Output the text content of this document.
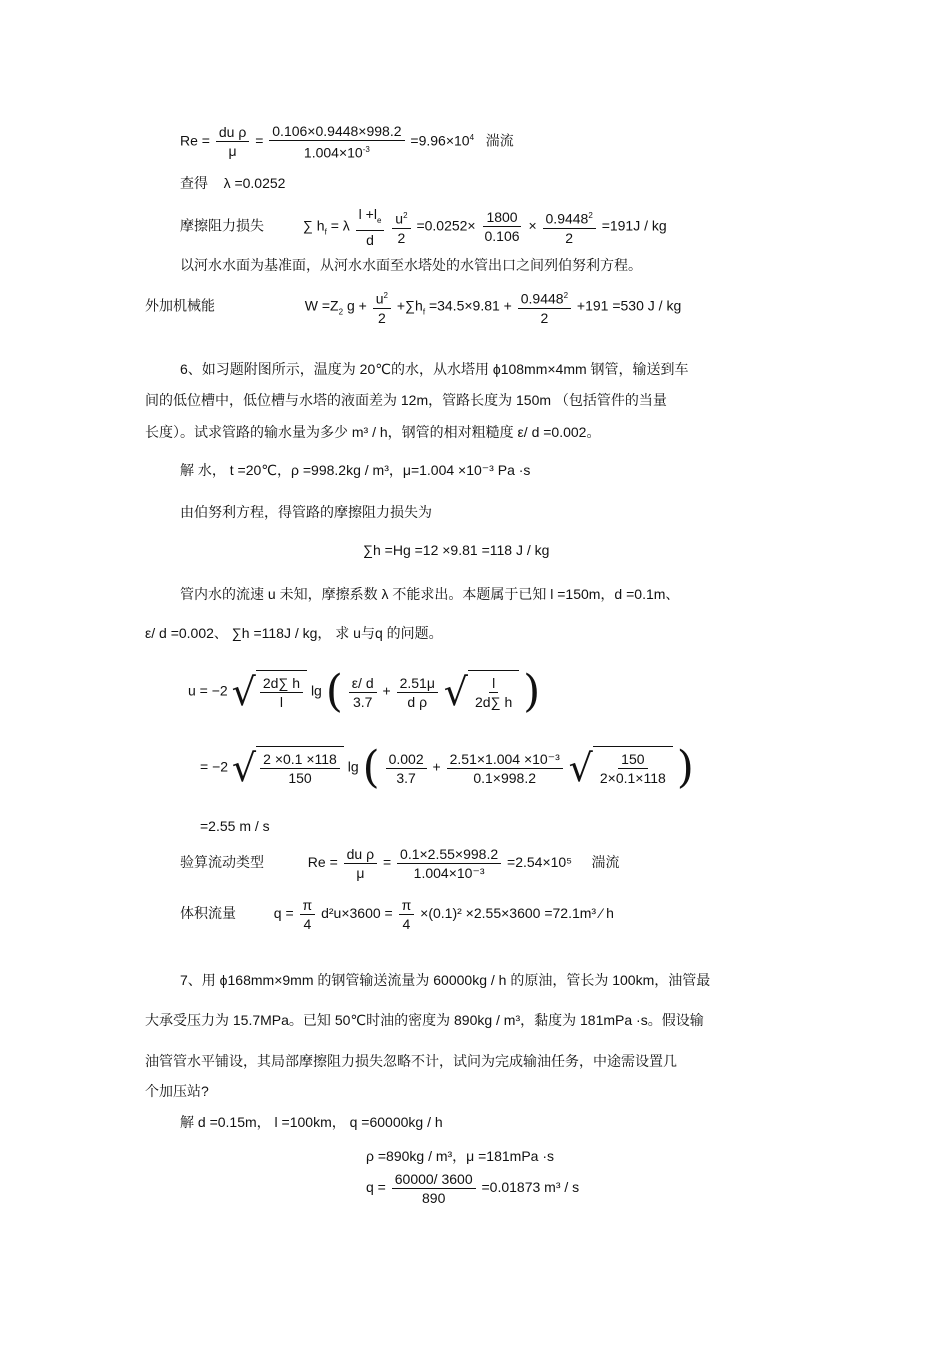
$Re = \frac{\text{du ρ}}{\mu} = \frac{0.106\times 0.9448\times 998.2}{1.004\times 10^{-3}} =9.96\times 10^4$ 湍流
查得 λ =0.0252
摩擦阻力损失	∑ $h_f = \lambda \frac{l +l_e}{d}$
$\frac{u^2}{2} =0.0252\times \frac{1800}{0.106} \times \frac{0.9448^2}{2} =191J$ / kg
以河水水面为基准面，从河水水面至水塔处的水管出口之间列伯努利方程。
外加机械能	$W =Z_2$ $g + \frac{u^2}{2} +\sum h_f =34.5\times 9.81 + \frac{0.9448^2}{2} +191 =530$ J / kg
6、如习题附图所示，温度为 20℃的水，从水塔用 ϕ108mm×4mm 钢管，输送到车
间的低位槽中，低位槽与水塔的液面差为 12m，管路长度为 150m （包括管件的当量
长度）。试求管路的输水量为多少 m³ / h，钢管的相对粗糙度 ε/ d =0.002。
解 水， t =20℃，ρ =998.2kg / m³，μ=1.004 ×10⁻³ Pa ·s
由伯努利方程，得管路的摩擦阻力损失为
∑h =Hg =12 ×9.81 =118 J / kg
管内水的流速 u 未知，摩擦系数 λ 不能求出。本题属于已知 l =150m，d =0.1m、
ε/ d =0.002、 ∑h =118J / kg， 求 u与q 的问题。
u = −2 √ $\frac{2d\sum h}{l}$ lg ( $\frac{\varepsilon/ d}{3.7} + \frac{2.51\mu}{\text{d ρ}}$
√ $\frac{l}{2d\sum h}$ )
= −2 √ $\frac{2 \times 0.1 \times 118}{150}$ lg ( $\frac{0.002}{3.7} + \frac{\text{2.51×1.004 ×10⁻³}}{0.1\times 998.2}$
√ $\frac{150}{2\times 0.1\times 118}$ )
=2.55 m / s
验算流动类型	$Re = \frac{\text{du ρ}}{\mu} = \frac{0.1\times 2.55\times 998.2}{\text{1.004×10⁻³}} =2.54\times 10^5$ 湍流
体积流量	$q = \frac{\pi}{4} d^2u\times 3600 = \frac{\pi}{4} \times(0.1)^2 \times 2.55\times 3600 =72.1m^3$ ⁄ h
7、用 ϕ168mm×9mm 的钢管输送流量为 60000kg / h 的原油，管长为 100km，油管最
大承受压力为 15.7MPa。已知 50℃时油的密度为 890kg / m³，黏度为 181mPa ·s。假设输
油管管水平铺设，其局部摩擦阻力损失忽略不计，试问为完成输油任务，中途需设置几
个加压站?
解 d =0.15m， l =100km， q =60000kg / h
ρ =890kg / m³，μ =181mPa ·s
$q = \frac{60000/ 3600}{890} =0.01873$ m³ / s
